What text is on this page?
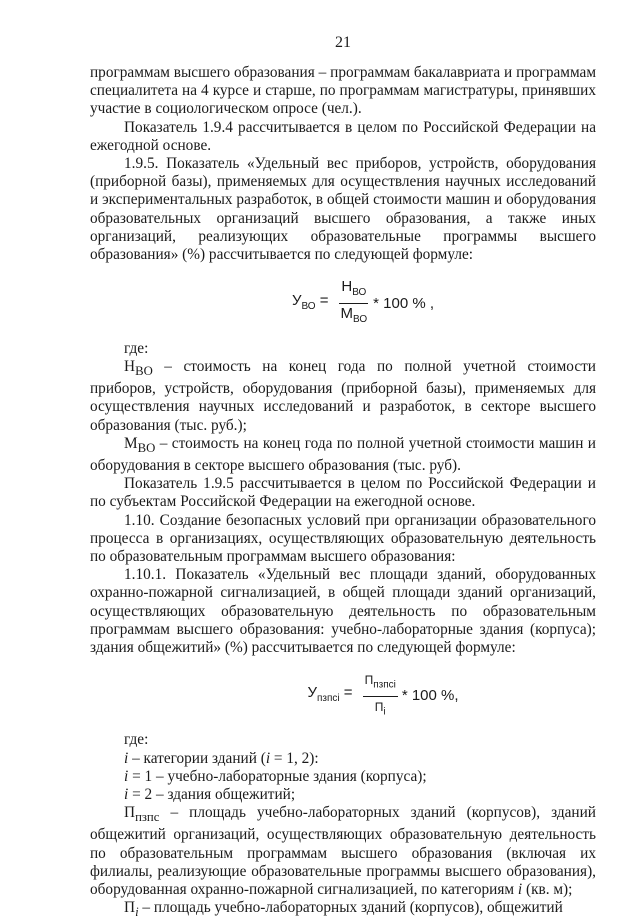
21

программам высшего образования – программам бакалавриата и программам специалитета на 4 курсе и старше, по программам магистратуры, принявших участие в социологическом опросе (чел.).

Показатель 1.9.4 рассчитывается в целом по Российской Федерации на ежегодной основе.

1.9.5. Показатель «Удельный вес приборов, устройств, оборудования (приборной базы), применяемых для осуществления научных исследований и экспериментальных разработок, в общей стоимости машин и оборудования образовательных организаций высшего образования, а также иных организаций, реализующих образовательные программы высшего образования» (%) рассчитывается по следующей формуле:

$У_{ВО} = \frac{Н_{ВО}}{М_{ВО}} * 100$ % ,

где:

$Н_{ВО}$ – стоимость на конец года по полной учетной стоимости приборов, устройств, оборудования (приборной базы), применяемых для осуществления научных исследований и разработок, в секторе высшего образования (тыс. руб.);

$М_{ВО}$ – стоимость на конец года по полной учетной стоимости машин и оборудования в секторе высшего образования (тыс. руб).

Показатель 1.9.5 рассчитывается в целом по Российской Федерации и по субъектам Российской Федерации на ежегодной основе.

1.10. Создание безопасных условий при организации образовательного процесса в организациях, осуществляющих образовательную деятельность по образовательным программам высшего образования:

1.10.1. Показатель «Удельный вес площади зданий, оборудованных охранно-пожарной сигнализацией, в общей площади зданий организаций, осуществляющих образовательную деятельность по образовательным программам высшего образования: учебно-лабораторные здания (корпуса); здания общежитий» (%) рассчитывается по следующей формуле:

$У_{пзпсi} = \frac{П_{пзпсi}}{П_i} * 100$ %,

где:

i – категории зданий (i = 1, 2):

i = 1 – учебно-лабораторные здания (корпуса);

i = 2 – здания общежитий;

$П_{пзпс}$ – площадь учебно-лабораторных зданий (корпусов), зданий общежитий организаций, осуществляющих образовательную деятельность по образовательным программам высшего образования (включая их филиалы, реализующие образовательные программы высшего образования), оборудованная охранно-пожарной сигнализацией, по категориям i (кв. м);

$П_i$ – площадь учебно-лабораторных зданий (корпусов), общежитий
